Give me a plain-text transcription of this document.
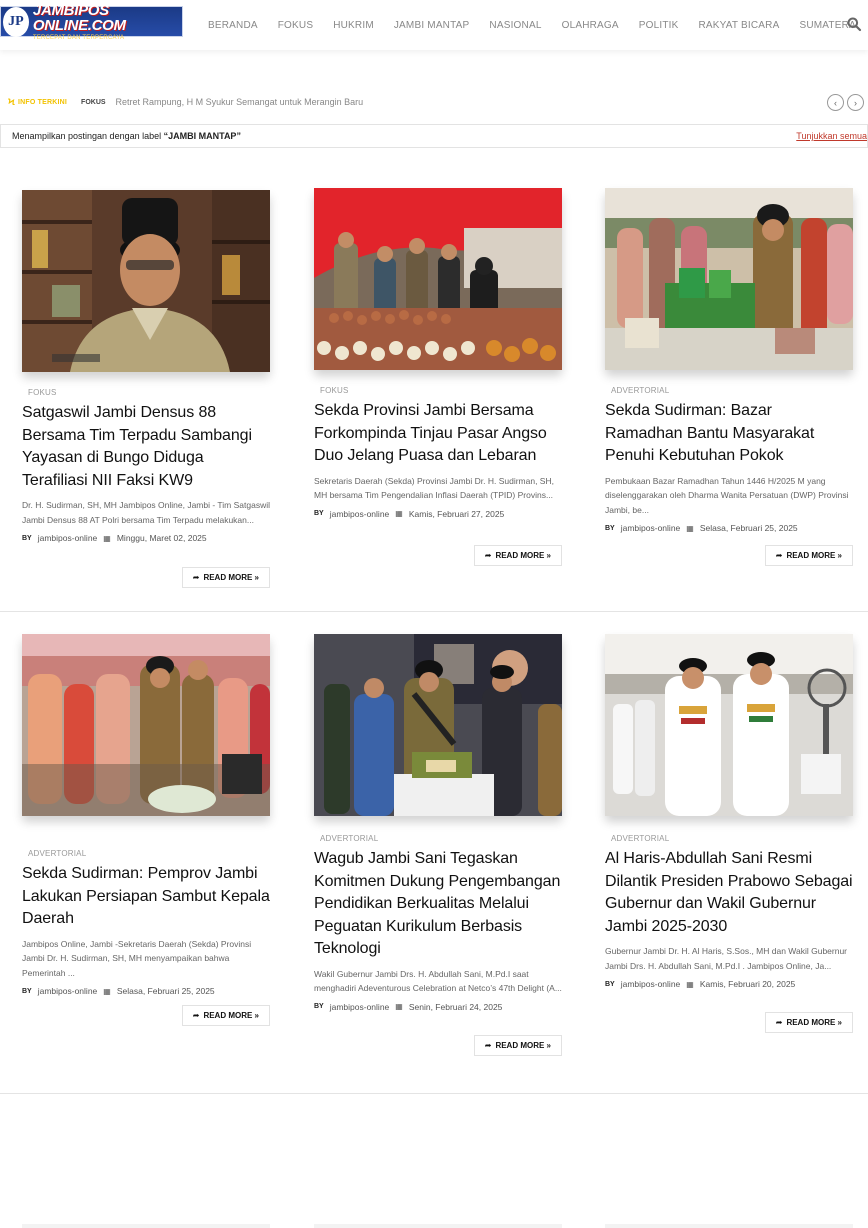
JP
JAMBIPOS ONLINE.COM
TERCEPAT DAN TERPERCAYA
BERANDA	FOKUS	HUKRIM	JAMBI MANTAP	NASIONAL	OLAHRAGA	POLITIK	RAKYAT BICARA	SUMATERA
Ϟ INFO TERKINI FOKUS Retret Rampung, H M Syukur Semangat untuk Merangin Baru	‹	›
Menampilkan postingan dengan label “JAMBI MANTAP”	Tunjukkan semua
FOKUS
Satgaswil Jambi Densus 88 Bersama Tim Terpadu Sambangi Yayasan di Bungo Diduga Terafiliasi NII Faksi KW9
Dr. H. Sudirman, SH, MH Jambipos Online, Jambi - Tim Satgaswil Jambi Densus 88 AT Polri bersama Tim Terpadu melakukan...
BY jambipos-online ▦ Minggu, Maret 02, 2025
➦ READ MORE »
FOKUS
Sekda Provinsi Jambi Bersama Forkompinda Tinjau Pasar Angso Duo Jelang Puasa dan Lebaran
Sekretaris Daerah (Sekda) Provinsi Jambi Dr. H. Sudirman, SH, MH bersama Tim Pengendalian Inflasi Daerah (TPID) Provins...
BY jambipos-online ▦ Kamis, Februari 27, 2025
➦ READ MORE »
ADVERTORIAL
Sekda Sudirman: Bazar Ramadhan Bantu Masyarakat Penuhi Kebutuhan Pokok
Pembukaan Bazar Ramadhan Tahun 1446 H/2025 M yang diselenggarakan oleh Dharma Wanita Persatuan (DWP) Provinsi Jambi, be...
BY jambipos-online ▦ Selasa, Februari 25, 2025
➦ READ MORE »
ADVERTORIAL
Sekda Sudirman: Pemprov Jambi Lakukan Persiapan Sambut Kepala Daerah
Jambipos Online, Jambi -Sekretaris Daerah (Sekda) Provinsi Jambi Dr. H. Sudirman, SH, MH menyampaikan bahwa Pemerintah ...
BY jambipos-online ▦ Selasa, Februari 25, 2025
➦ READ MORE »
ADVERTORIAL
Wagub Jambi Sani Tegaskan Komitmen Dukung Pengembangan Pendidikan Berkualitas Melalui Peguatan Kurikulum Berbasis Teknologi
Wakil Gubernur Jambi Drs. H. Abdullah Sani, M.Pd.I saat menghadiri Adeventurous Celebration at Netco’s 47th Delight (A...
BY jambipos-online ▦ Senin, Februari 24, 2025
➦ READ MORE »
ADVERTORIAL
Al Haris-Abdullah Sani Resmi Dilantik Presiden Prabowo Sebagai Gubernur dan Wakil Gubernur Jambi 2025-2030
Gubernur Jambi Dr. H. Al Haris, S.Sos., MH dan Wakil Gubernur Jambi Drs. H. Abdullah Sani, M.Pd.I . Jambipos Online, Ja...
BY jambipos-online ▦ Kamis, Februari 20, 2025
➦ READ MORE »
